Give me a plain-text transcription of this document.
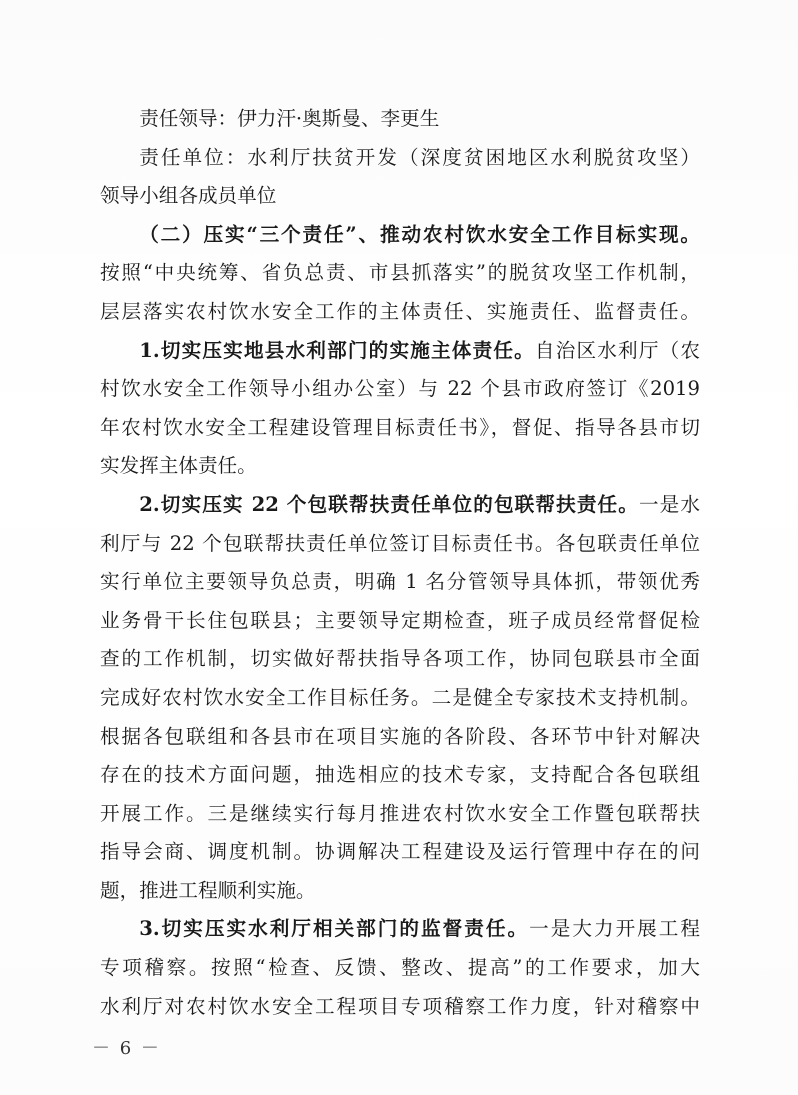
责任领导：伊力汗·奥斯曼、李更生
责任单位：水利厅扶贫开发（深度贫困地区水利脱贫攻坚）
领导小组各成员单位
（二）压实“三个责任”、推动农村饮水安全工作目标实现。
按照“中央统筹、省负总责、市县抓落实”的脱贫攻坚工作机制，
层层落实农村饮水安全工作的主体责任、实施责任、监督责任。
1.切实压实地县水利部门的实施主体责任。自治区水利厅（农
村饮水安全工作领导小组办公室）与 22 个县市政府签订《2019
年农村饮水安全工程建设管理目标责任书》，督促、指导各县市切
实发挥主体责任。
2.切实压实 22 个包联帮扶责任单位的包联帮扶责任。一是水
利厅与 22 个包联帮扶责任单位签订目标责任书。各包联责任单位
实行单位主要领导负总责，明确 1 名分管领导具体抓，带领优秀
业务骨干长住包联县；主要领导定期检查，班子成员经常督促检
查的工作机制，切实做好帮扶指导各项工作，协同包联县市全面
完成好农村饮水安全工作目标任务。二是健全专家技术支持机制。
根据各包联组和各县市在项目实施的各阶段、各环节中针对解决
存在的技术方面问题，抽选相应的技术专家，支持配合各包联组
开展工作。三是继续实行每月推进农村饮水安全工作暨包联帮扶
指导会商、调度机制。协调解决工程建设及运行管理中存在的问
题，推进工程顺利实施。
3.切实压实水利厅相关部门的监督责任。一是大力开展工程
专项稽察。按照“检查、反馈、整改、提高”的工作要求，加大
水利厅对农村饮水安全工程项目专项稽察工作力度，针对稽察中
－ 6 －
